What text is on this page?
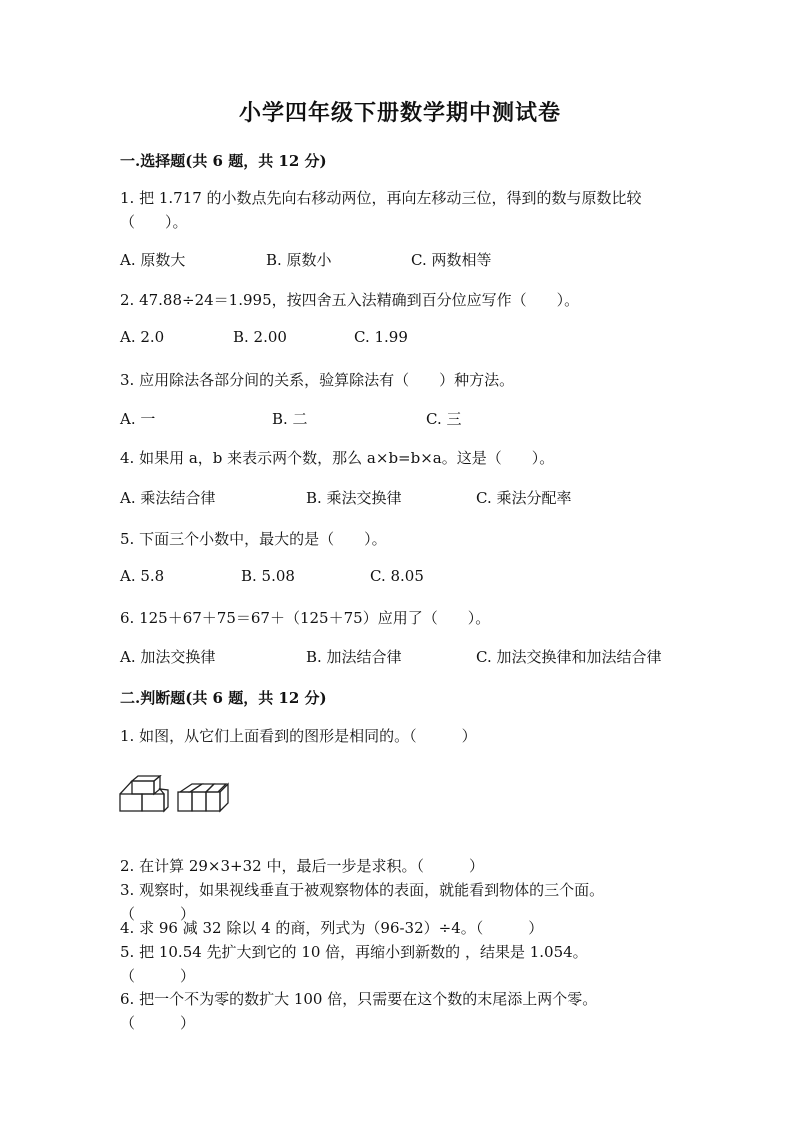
小学四年级下册数学期中测试卷
一.选择题(共 6 题，共 12 分)
1. 把 1.717 的小数点先向右移动两位，再向左移动三位，得到的数与原数比较
（　　）。
A. 原数大	B. 原数小	C. 两数相等
2. 47.88÷24＝1.995，按四舍五入法精确到百分位应写作（　　）。
A. 2.0	B. 2.00	C. 1.99
3. 应用除法各部分间的关系，验算除法有（　　）种方法。
A. 一	B. 二	C. 三
4. 如果用 a，b 来表示两个数，那么 a×b=b×a。这是（　　）。
A. 乘法结合律	B. 乘法交换律	C. 乘法分配率
5. 下面三个小数中，最大的是（　　）。
A. 5.8	B. 5.08	C. 8.05
6. 125＋67＋75＝67＋（125＋75）应用了（　　）。
A. 加法交换律	B. 加法结合律	C. 加法交换律和加法结合律
二.判断题(共 6 题，共 12 分)
1. 如图，从它们上面看到的图形是相同的。（　　　）
2. 在计算 29×3+32 中，最后一步是求积。（　　　）
3. 观察时，如果视线垂直于被观察物体的表面，就能看到物体的三个面。
（　　　）
4. 求 96 减 32 除以 4 的商，列式为（96-32）÷4。（　　　）
5. 把 10.54 先扩大到它的 10 倍，再缩小到新数的 ，结果是 1.054。
（　　　）
6. 把一个不为零的数扩大 100 倍，只需要在这个数的末尾添上两个零。
（　　　）
